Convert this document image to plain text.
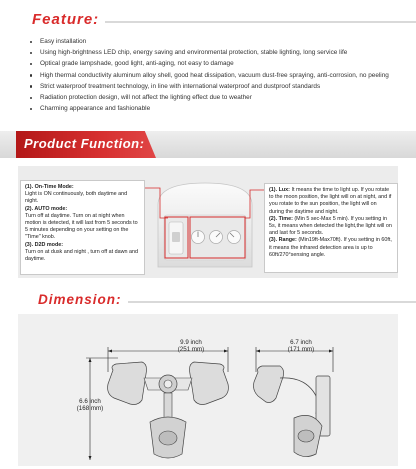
Feature:
Easy installation
Using high-brightness LED chip, energy saving and environmental protection, stable lighting, long service life
Optical grade lampshade, good light, anti-aging, not easy to damage
High thermal conductivity aluminum alloy shell, good heat dissipation, vacuum dust-free spraying, anti-corrosion, no peeling
Strict waterproof treatment technology, in line with international waterproof and dustproof standards
Radiation protection design, will not affect the lighting effect due to weather
Charming appearance and fashionable
Product Function:
(1). On-Time Mode:
Light is ON continuously, both daytime and night.
(2). AUTO mode:
Turn off at daytime. Turn on at night when motion is detected, it will last from 5 seconds to 5 minutes depending on your setting on the "Time" knob.
(3). D2D mode:
Turn on at dusk and night , turn off at dawn and daytime.
(1). Lux: It means the time to light up. If you rotate to the moon position, the light will on at night, and if you rotate to the sun position, the light will on during the daytime and night.
(2). Time: (Min 5 sec-Max 5 min). If you setting in 5s, it means when detected the light,the light will on and last for 5 seconds.
(3). Range: (Min19ft-Max70ft). If you setting in 60ft, it means the infrared detection area is up to 60ft/270°sensing angle.
Dimension:
9.9 inch
(251 mm)
6.6 inch
(168 mm)
6.7 inch
(171 mm)
